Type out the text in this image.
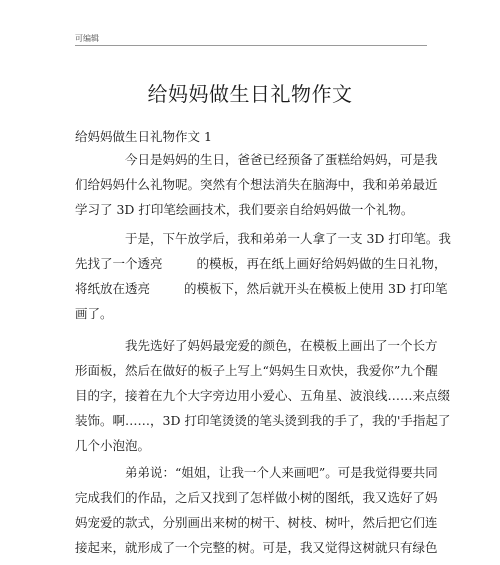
可编辑
给妈妈做生日礼物作文
给妈妈做生日礼物作文 1
今日是妈妈的生日，爸爸已经预备了蛋糕给妈妈，可是我
们给妈妈什么礼物呢。突然有个想法消失在脑海中，我和弟弟最近
学习了 3D 打印笔绘画技术，我们要亲自给妈妈做一个礼物。
于是，下午放学后，我和弟弟一人拿了一支 3D 打印笔。我
先找了一个透亮	的模板，再在纸上画好给妈妈做的生日礼物，
将纸放在透亮	的模板下，然后就开头在模板上使用 3D 打印笔
画了。
我先选好了妈妈最宠爱的颜色，在模板上画出了一个长方
形面板，然后在做好的板子上写上“妈妈生日欢快，我爱你”九个醒
目的字，接着在九个大字旁边用小爱心、五角星、波浪线……来点缀
装饰。啊……，3D 打印笔烫烫的笔头烫到我的手了，我的'手指起了
几个小泡泡。
弟弟说：“姐姐，让我一个人来画吧”。可是我觉得要共同
完成我们的作品，之后又找到了怎样做小树的图纸，我又选好了妈
妈宠爱的款式，分别画出来树的树干、树枝、树叶，然后把它们连
接起来，就形成了一个完整的树。可是，我又觉得这树就只有绿色
